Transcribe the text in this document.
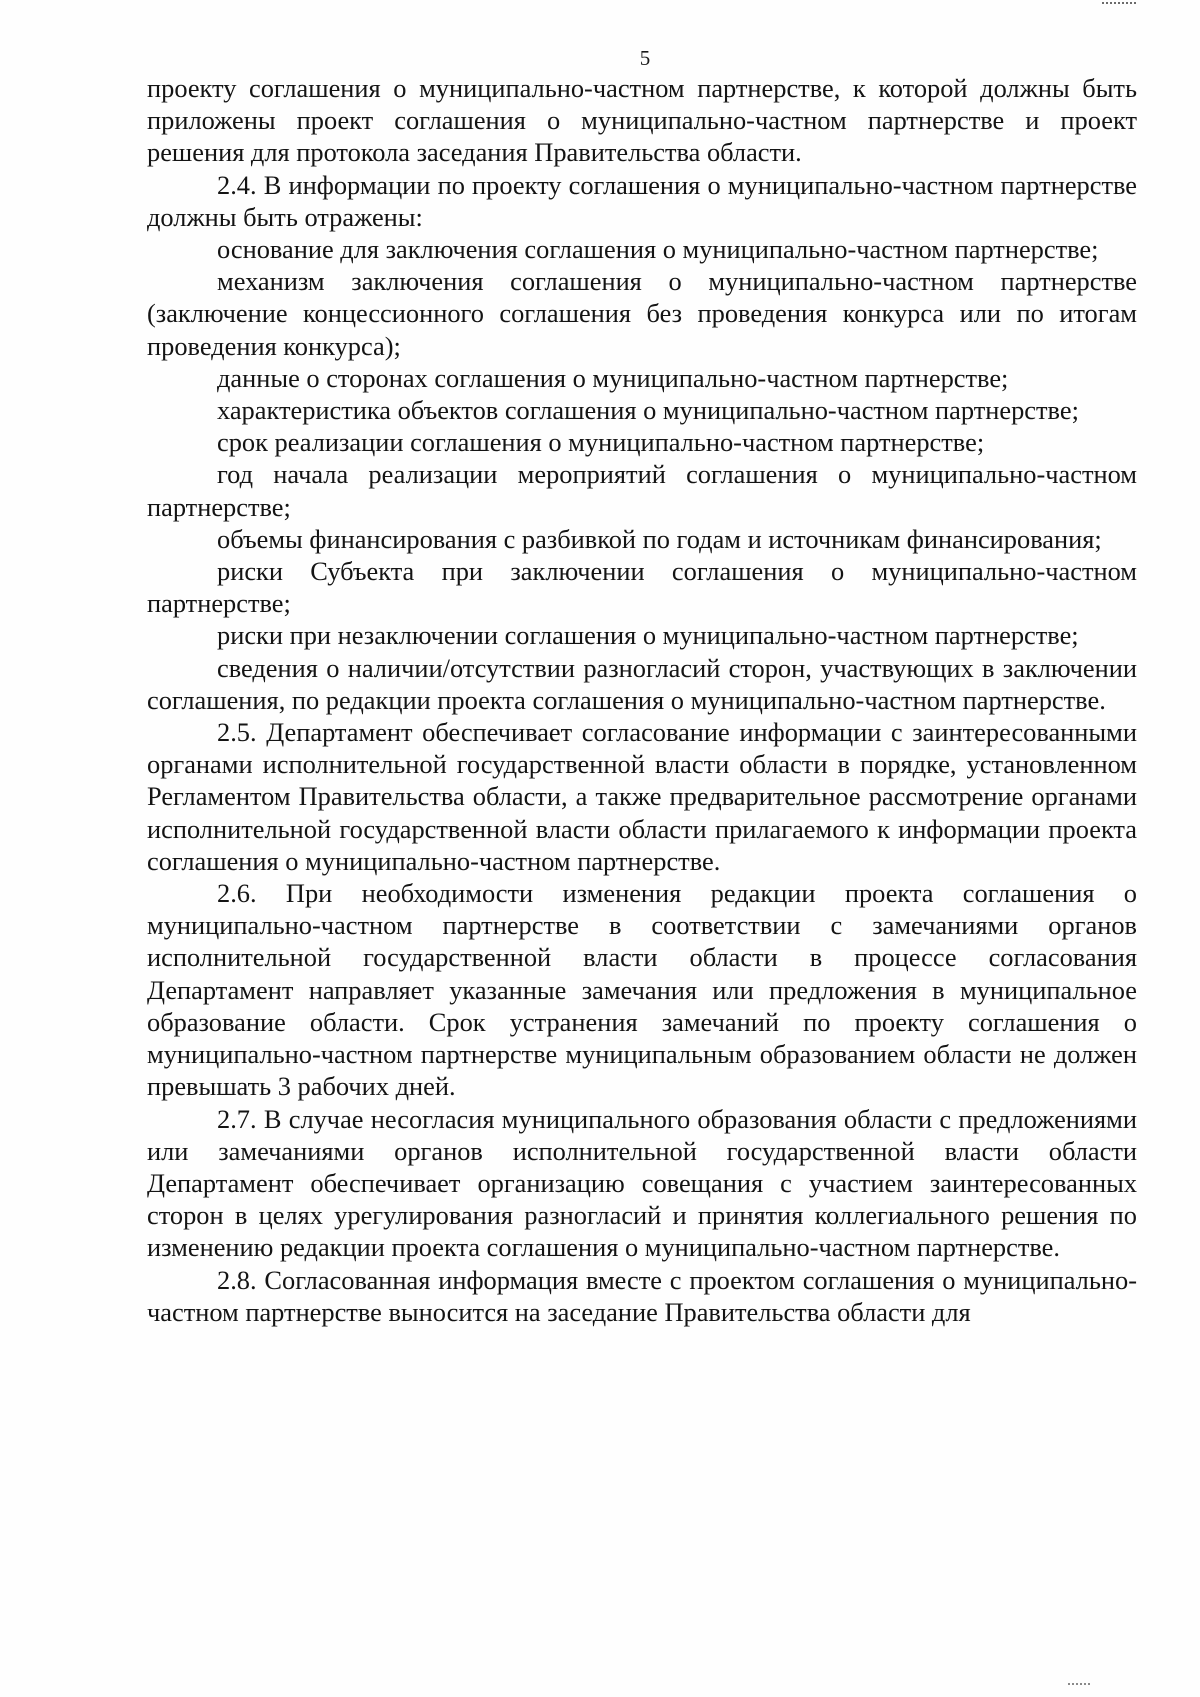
5

проекту соглашения о муниципально-частном партнерстве, к которой должны быть приложены проект соглашения о муниципально-частном партнерстве и проект решения для протокола заседания Правительства области.

2.4. В информации по проекту соглашения о муниципально-частном партнерстве должны быть отражены:

основание для заключения соглашения о муниципально-частном партнерстве;

механизм заключения соглашения о муниципально-частном партнерстве (заключение концессионного соглашения без проведения конкурса или по итогам проведения конкурса);

данные о сторонах соглашения о муниципально-частном партнерстве;

характеристика объектов соглашения о муниципально-частном партнерстве;

срок реализации соглашения о муниципально-частном партнерстве;

год начала реализации мероприятий соглашения о муниципально-частном партнерстве;

объемы финансирования с разбивкой по годам и источникам финансирования;

риски Субъекта при заключении соглашения о муниципально-частном партнерстве;

риски при незаключении соглашения о муниципально-частном партнерстве;

сведения о наличии/отсутствии разногласий сторон, участвующих в заключении соглашения, по редакции проекта соглашения о муниципально-частном партнерстве.

2.5. Департамент обеспечивает согласование информации с заинтересованными органами исполнительной государственной власти области в порядке, установленном Регламентом Правительства области, а также предварительное рассмотрение органами исполнительной государственной власти области прилагаемого к информации проекта соглашения о муниципально-частном партнерстве.

2.6. При необходимости изменения редакции проекта соглашения о муниципально-частном партнерстве в соответствии с замечаниями органов исполнительной государственной власти области в процессе согласования Департамент направляет указанные замечания или предложения в муниципальное образование области. Срок устранения замечаний по проекту соглашения о муниципально-частном партнерстве муниципальным образованием области не должен превышать 3 рабочих дней.

2.7. В случае несогласия муниципального образования области с предложениями или замечаниями органов исполнительной государственной власти области Департамент обеспечивает организацию совещания с участием заинтересованных сторон в целях урегулирования разногласий и принятия коллегиального решения по изменению редакции проекта соглашения о муниципально-частном партнерстве.

2.8. Согласованная информация вместе с проектом соглашения о муниципально-частном партнерстве выносится на заседание Правительства области для
